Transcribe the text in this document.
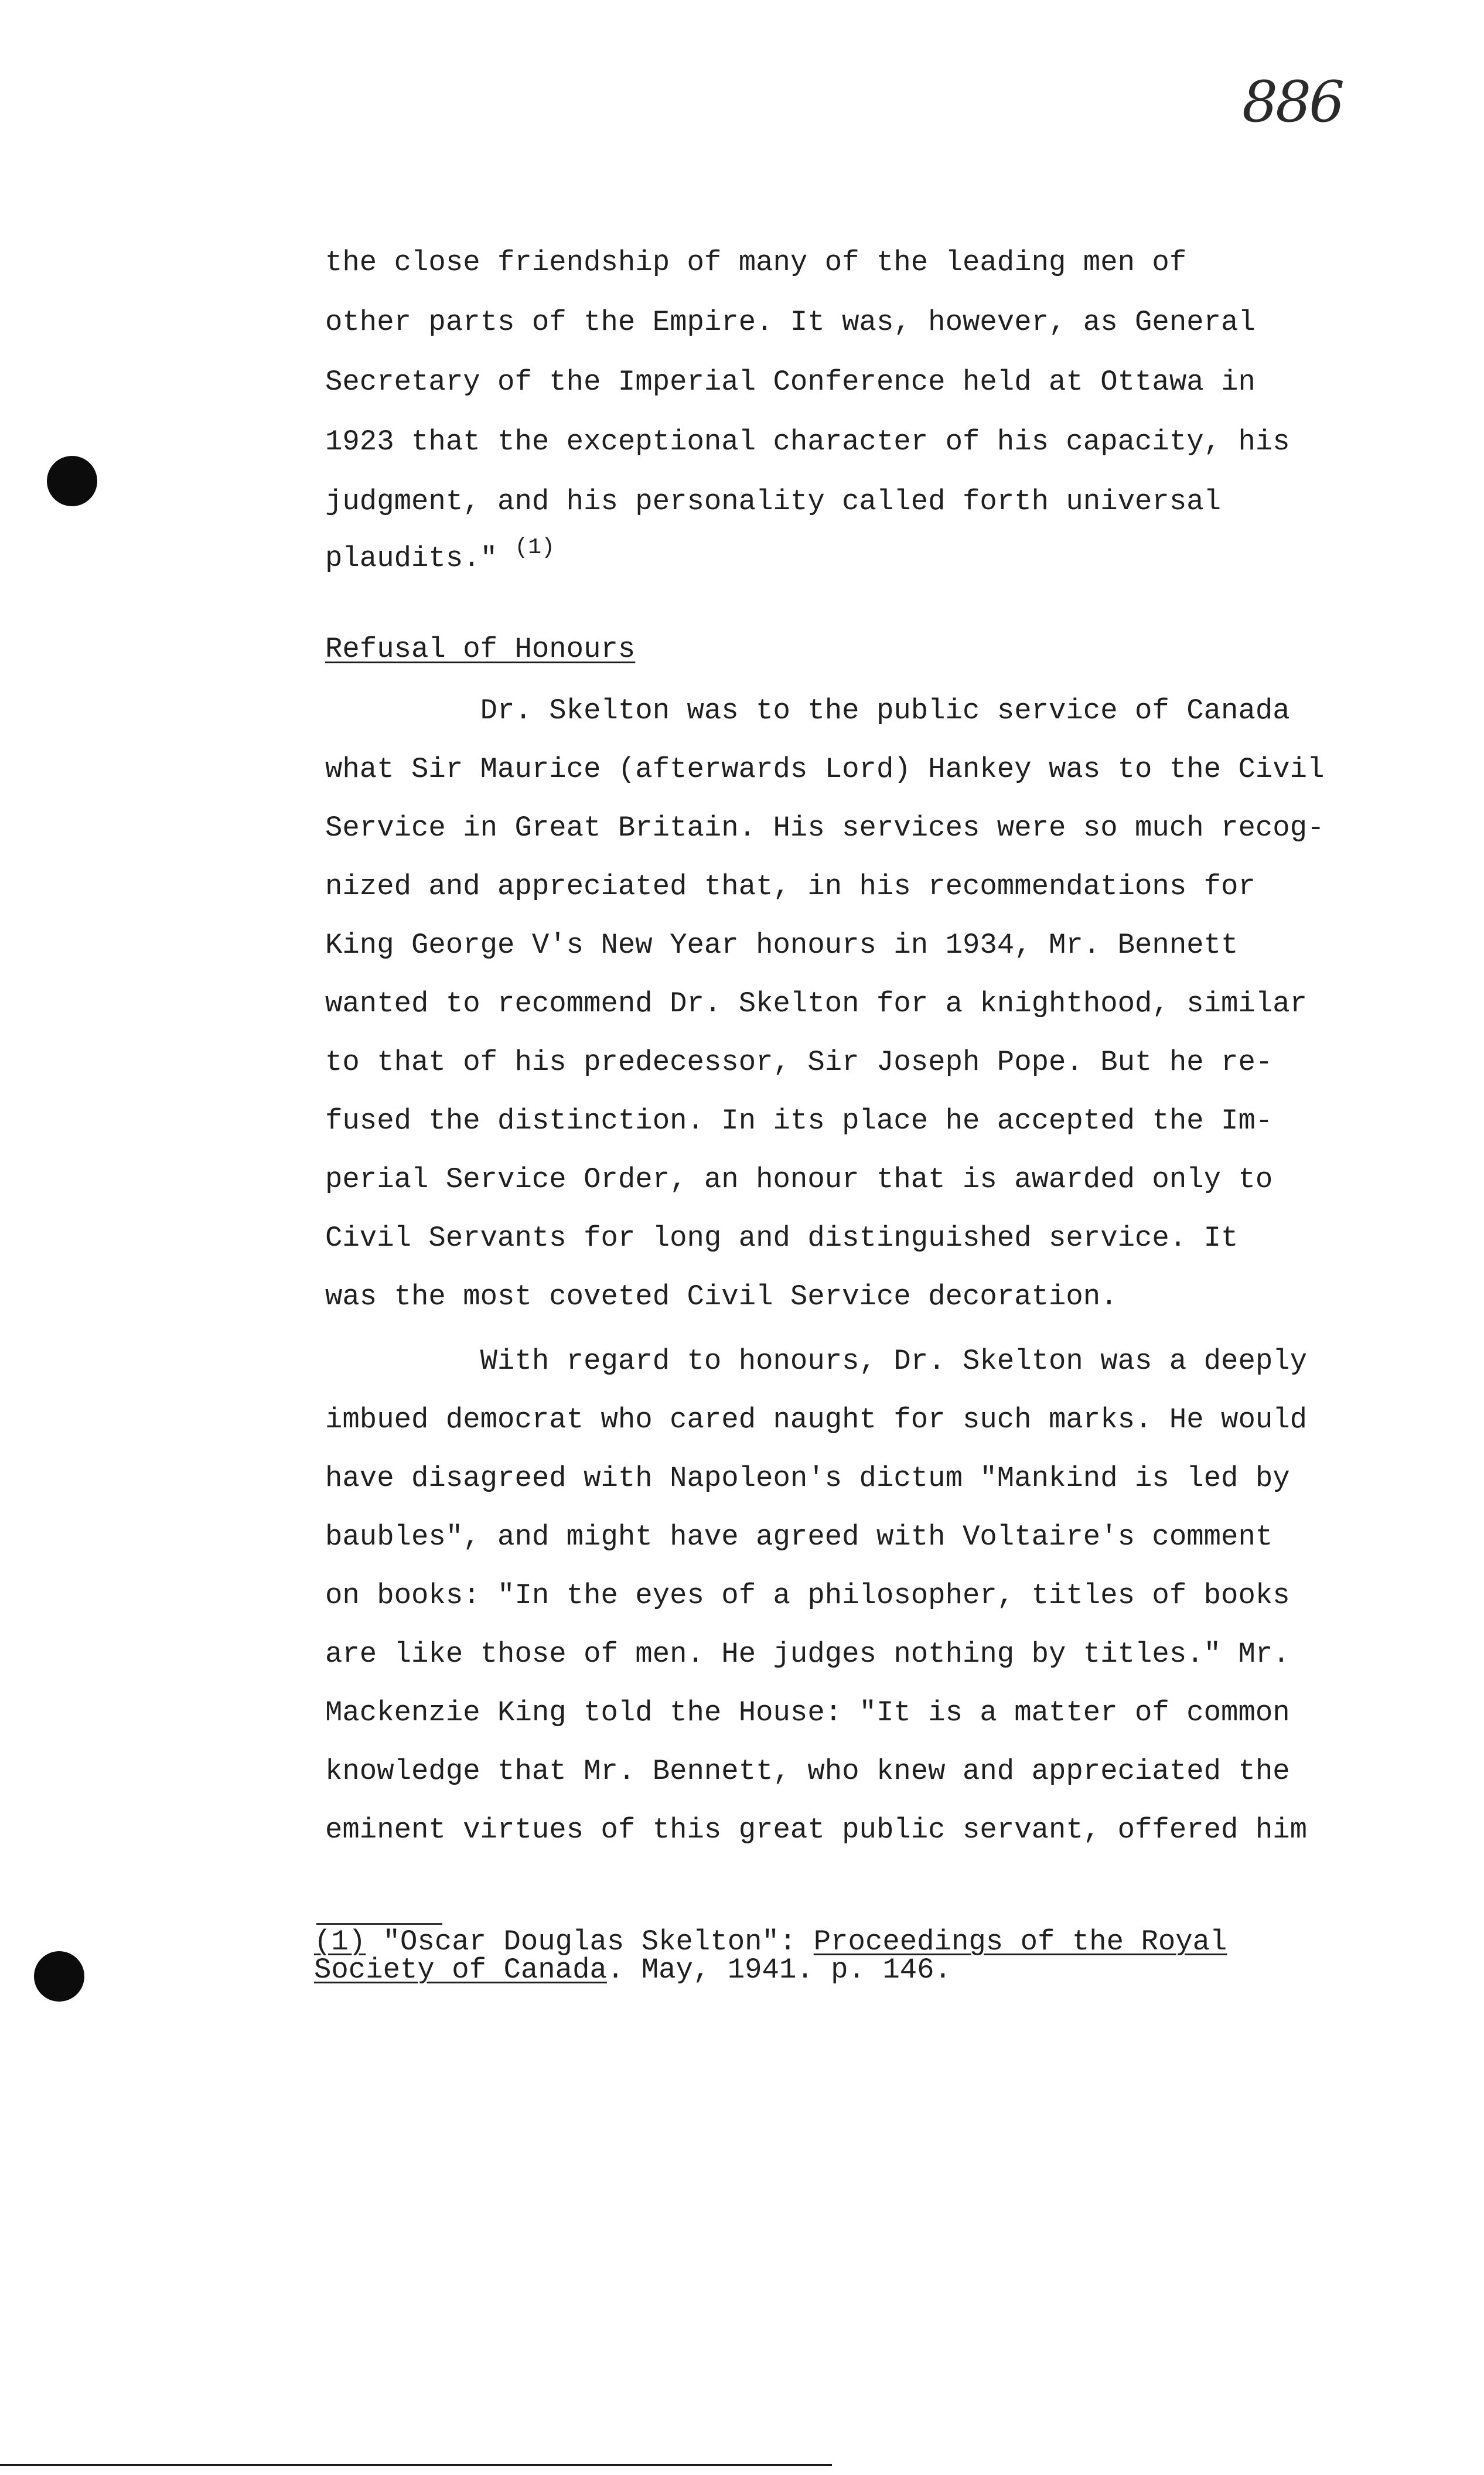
886
the close friendship of many of the leading men of
other parts of the Empire. It was, however, as General
Secretary of the Imperial Conference held at Ottawa in
1923 that the exceptional character of his capacity, his
judgment, and his personality called forth universal
plaudits." $^{(1)}$
Refusal of Honours
Dr. Skelton was to the public service of Canada
what Sir Maurice (afterwards Lord) Hankey was to the Civil
Service in Great Britain. His services were so much recog-
nized and appreciated that, in his recommendations for
King George V's New Year honours in 1934, Mr. Bennett
wanted to recommend Dr. Skelton for a knighthood, similar
to that of his predecessor, Sir Joseph Pope. But he re-
fused the distinction. In its place he accepted the Im-
perial Service Order, an honour that is awarded only to
Civil Servants for long and distinguished service. It
was the most coveted Civil Service decoration.
With regard to honours, Dr. Skelton was a deeply
imbued democrat who cared naught for such marks. He would
have disagreed with Napoleon's dictum "Mankind is led by
baubles", and might have agreed with Voltaire's comment
on books: "In the eyes of a philosopher, titles of books
are like those of men. He judges nothing by titles." Mr.
Mackenzie King told the House: "It is a matter of common
knowledge that Mr. Bennett, who knew and appreciated the
eminent virtues of this great public servant, offered him
(1) "Oscar Douglas Skelton": Proceedings of the Royal
Society of Canada. May, 1941. p. 146.
